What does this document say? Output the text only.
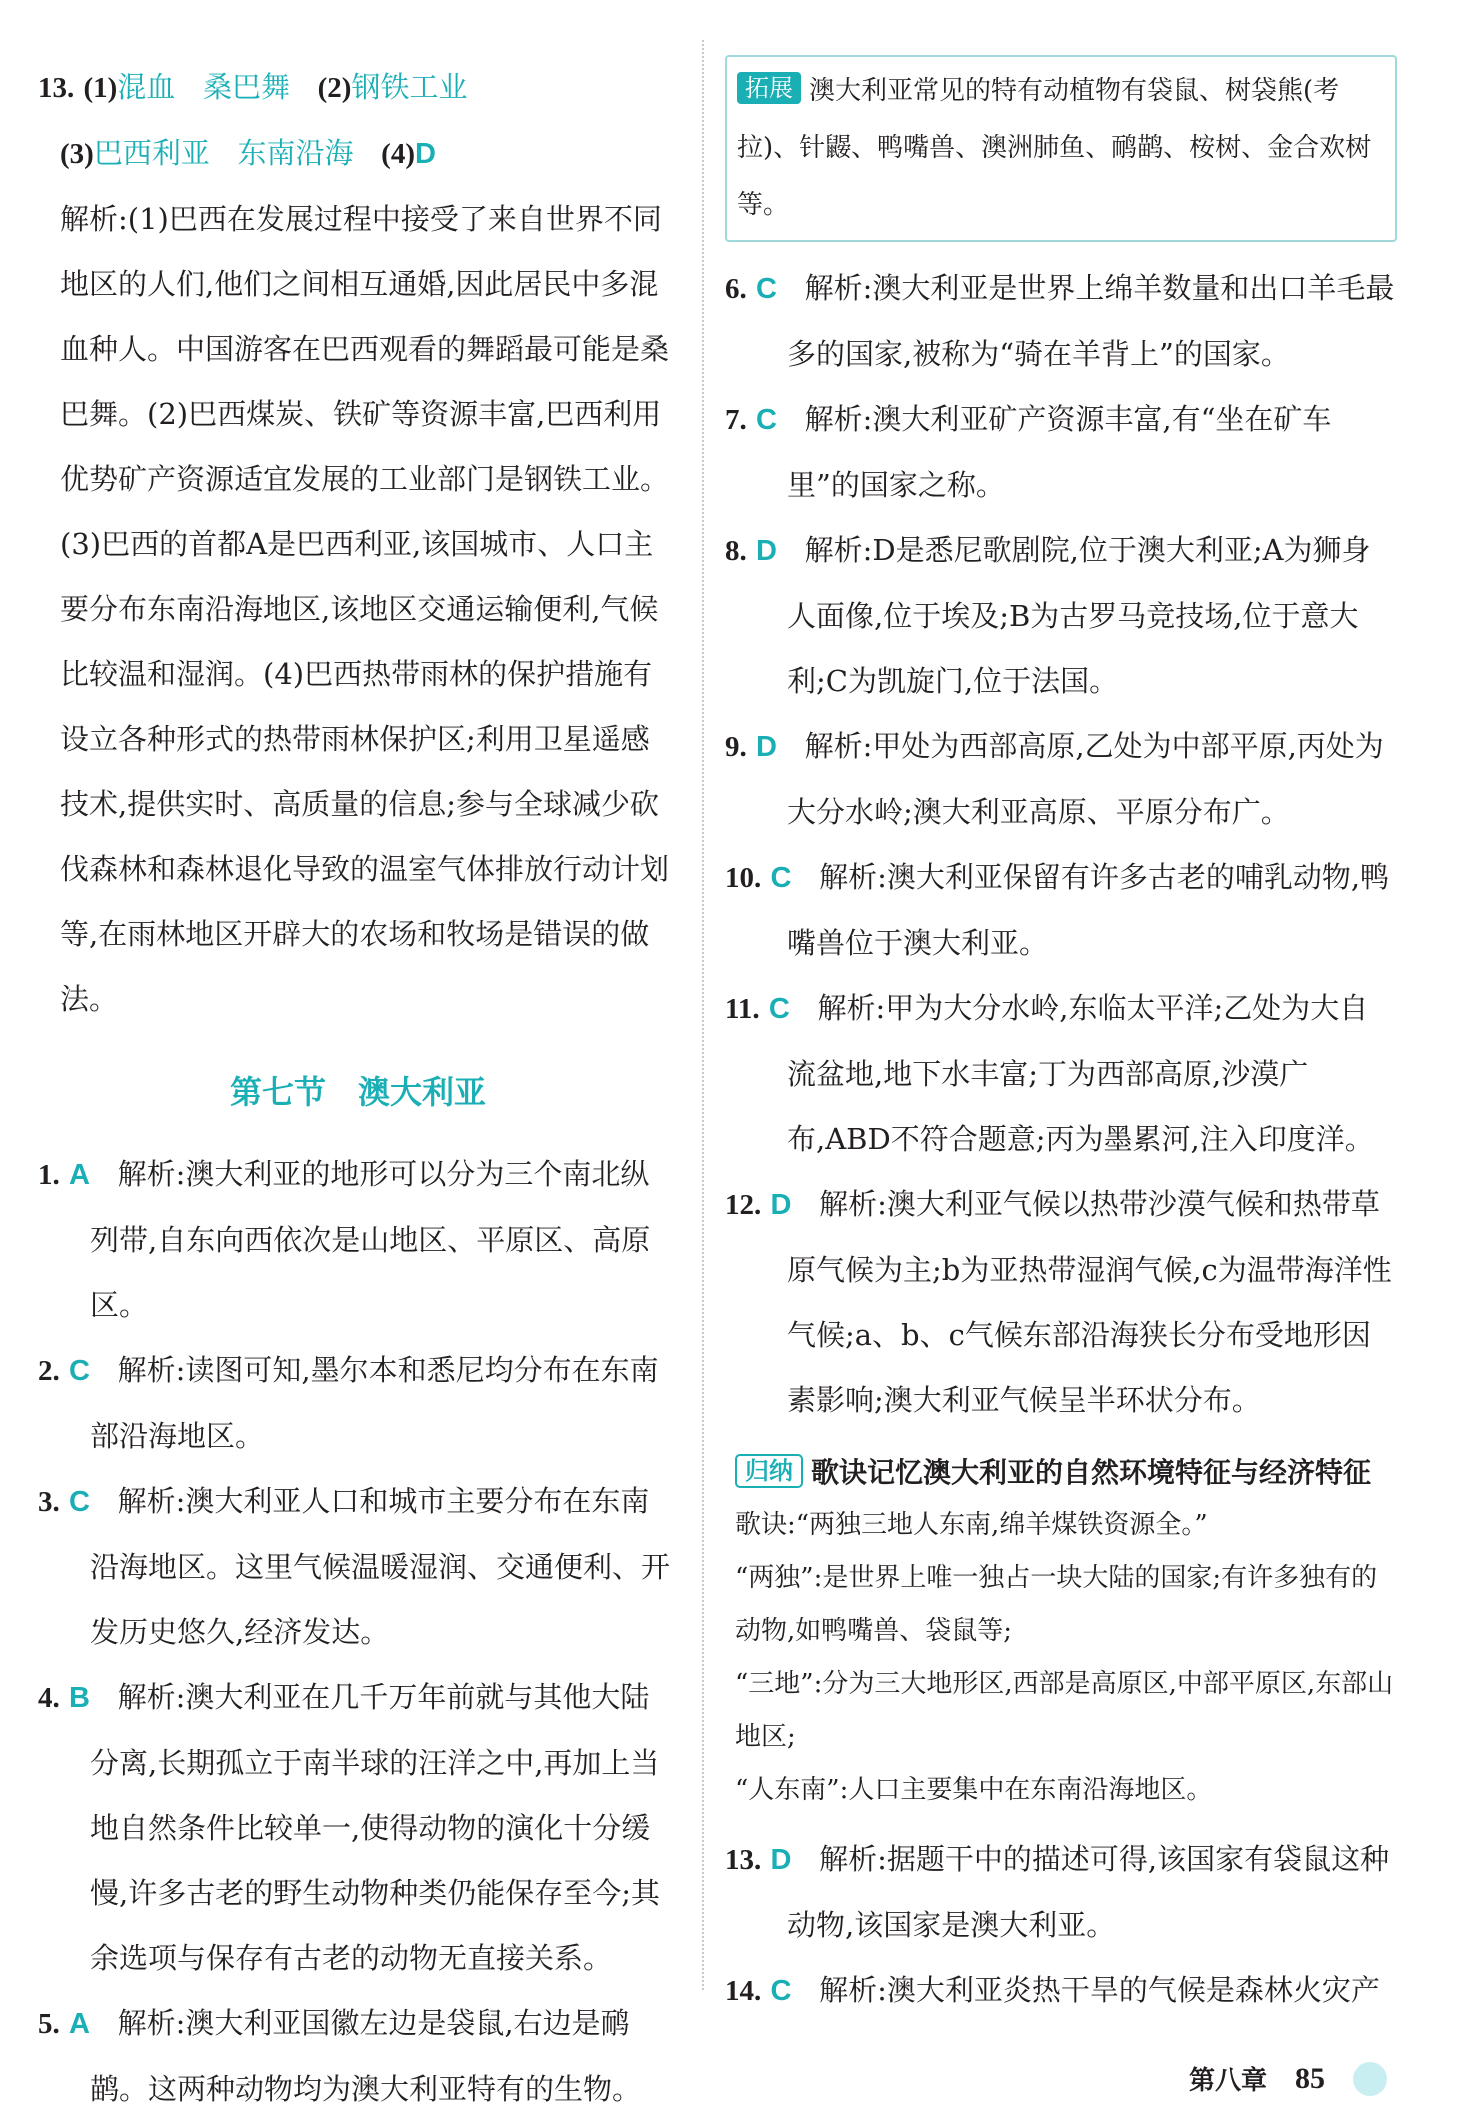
13. (1)混血 桑巴舞 (2)钢铁工业

(3)巴西利亚 东南沿海 (4)D

解析:(1)巴西在发展过程中接受了来自世界不同地区的人们,他们之间相互通婚,因此居民中多混血种人。中国游客在巴西观看的舞蹈最可能是桑巴舞。(2)巴西煤炭、铁矿等资源丰富,巴西利用优势矿产资源适宜发展的工业部门是钢铁工业。

(3)巴西的首都A是巴西利亚,该国城市、人口主要分布东南沿海地区,该地区交通运输便利,气候比较温和湿润。(4)巴西热带雨林的保护措施有设立各种形式的热带雨林保护区;利用卫星遥感技术,提供实时、高质量的信息;参与全球减少砍伐森林和森林退化导致的温室气体排放行动计划等,在雨林地区开辟大的农场和牧场是错误的做法。

第七节　澳大利亚

1. A 解析:澳大利亚的地形可以分为三个南北纵列带,自东向西依次是山地区、平原区、高原区。

2. C 解析:读图可知,墨尔本和悉尼均分布在东南部沿海地区。

3. C 解析:澳大利亚人口和城市主要分布在东南沿海地区。这里气候温暖湿润、交通便利、开发历史悠久,经济发达。

4. B 解析:澳大利亚在几千万年前就与其他大陆分离,长期孤立于南半球的汪洋之中,再加上当地自然条件比较单一,使得动物的演化十分缓慢,许多古老的野生动物种类仍能保存至今;其余选项与保存有古老的动物无直接关系。

5. A 解析:澳大利亚国徽左边是袋鼠,右边是鸸鹋。这两种动物均为澳大利亚特有的生物。

拓展 澳大利亚常见的特有动植物有袋鼠、树袋熊(考拉)、针鼹、鸭嘴兽、澳洲肺鱼、鸸鹋、桉树、金合欢树等。

6. C 解析:澳大利亚是世界上绵羊数量和出口羊毛最多的国家,被称为“骑在羊背上”的国家。

7. C 解析:澳大利亚矿产资源丰富,有“坐在矿车里”的国家之称。

8. D 解析:D是悉尼歌剧院,位于澳大利亚;A为狮身人面像,位于埃及;B为古罗马竞技场,位于意大利;C为凯旋门,位于法国。

9. D 解析:甲处为西部高原,乙处为中部平原,丙处为大分水岭;澳大利亚高原、平原分布广。

10. C 解析:澳大利亚保留有许多古老的哺乳动物,鸭嘴兽位于澳大利亚。

11. C 解析:甲为大分水岭,东临太平洋;乙处为大自流盆地,地下水丰富;丁为西部高原,沙漠广布,ABD不符合题意;丙为墨累河,注入印度洋。

12. D 解析:澳大利亚气候以热带沙漠气候和热带草原气候为主;b为亚热带湿润气候,c为温带海洋性气候;a、b、c气候东部沿海狭长分布受地形因素影响;澳大利亚气候呈半环状分布。

归纳 歌诀记忆澳大利亚的自然环境特征与经济特征

歌诀:“两独三地人东南,绵羊煤铁资源全。”

“两独”:是世界上唯一独占一块大陆的国家;有许多独有的动物,如鸭嘴兽、袋鼠等;

“三地”:分为三大地形区,西部是高原区,中部平原区,东部山地区;

“人东南”:人口主要集中在东南沿海地区。

13. D 解析:据题干中的描述可得,该国家有袋鼠这种动物,该国家是澳大利亚。

14. C 解析:澳大利亚炎热干旱的气候是森林火灾产

第八章 85
